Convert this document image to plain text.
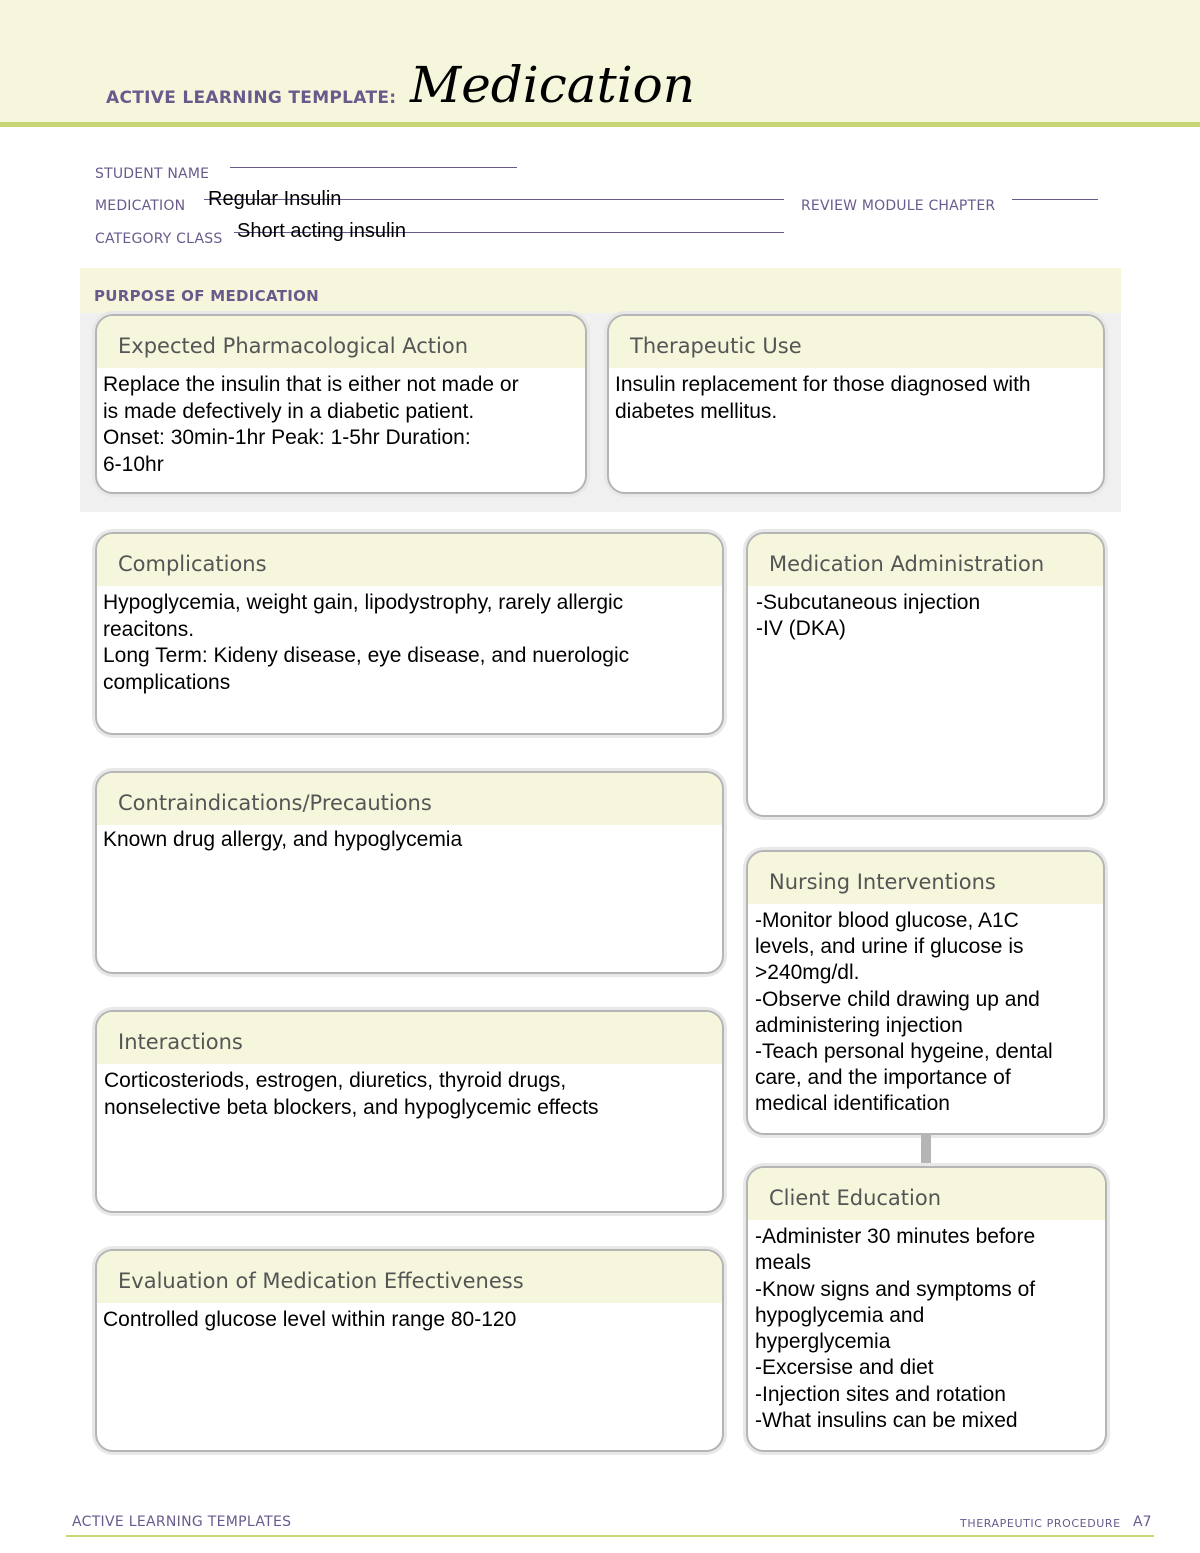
ACTIVE LEARNING TEMPLATE: Medication
STUDENT NAME
MEDICATION Regular Insulin	REVIEW MODULE CHAPTER
CATEGORY CLASS Short acting insulin
PURPOSE OF MEDICATION
Expected Pharmacological Action
Replace the insulin that is either not made or
is made defectively in a diabetic patient.
Onset: 30min-1hr Peak: 1-5hr Duration:
6-10hr
Therapeutic Use
Insulin replacement for those diagnosed with
diabetes mellitus.
Complications
Hypoglycemia, weight gain, lipodystrophy, rarely allergic
reacitons.
Long Term: Kideny disease, eye disease, and nuerologic
complications
Contraindications/Precautions
Known drug allergy, and hypoglycemia
Interactions
Corticosteriods, estrogen, diuretics, thyroid drugs,
nonselective beta blockers, and hypoglycemic effects
Evaluation of Medication Effectiveness
Controlled glucose level within range 80-120
Medication Administration
-Subcutaneous injection
-IV (DKA)
Nursing Interventions
-Monitor blood glucose, A1C
levels, and urine if glucose is
>240mg/dl.
-Observe child drawing up and
administering injection
-Teach personal hygeine, dental
care, and the importance of
medical identification
Client Education
-Administer 30 minutes before
meals
-Know signs and symptoms of
hypoglycemia and
hyperglycemia
-Excersise and diet
-Injection sites and rotation
-What insulins can be mixed
ACTIVE LEARNING TEMPLATES	THERAPEUTIC PROCEDURE A7
